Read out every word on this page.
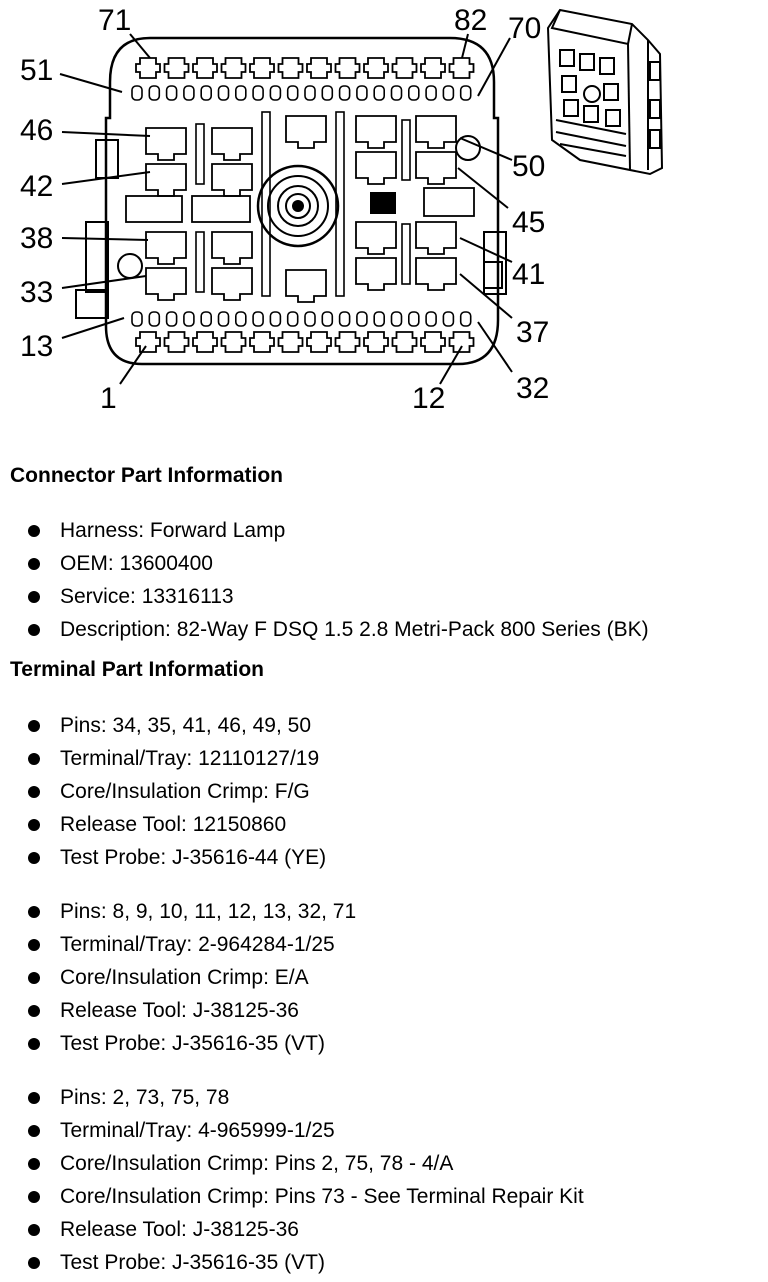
71	82 70
51
46
50
42
45
38
41
33
37
13
32
1	12
Connector Part Information
Harness: Forward Lamp
OEM: 13600400
Service: 13316113
Description: 82-Way F DSQ 1.5 2.8 Metri-Pack 800 Series (BK)
Terminal Part Information
Pins: 34, 35, 41, 46, 49, 50
Terminal/Tray: 12110127/19
Core/Insulation Crimp: F/G
Release Tool: 12150860
Test Probe: J-35616-44 (YE)
Pins: 8, 9, 10, 11, 12, 13, 32, 71
Terminal/Tray: 2-964284-1/25
Core/Insulation Crimp: E/A
Release Tool: J-38125-36
Test Probe: J-35616-35 (VT)
Pins: 2, 73, 75, 78
Terminal/Tray: 4-965999-1/25
Core/Insulation Crimp: Pins 2, 75, 78 - 4/A
Core/Insulation Crimp: Pins 73 - See Terminal Repair Kit
Release Tool: J-38125-36
Test Probe: J-35616-35 (VT)
